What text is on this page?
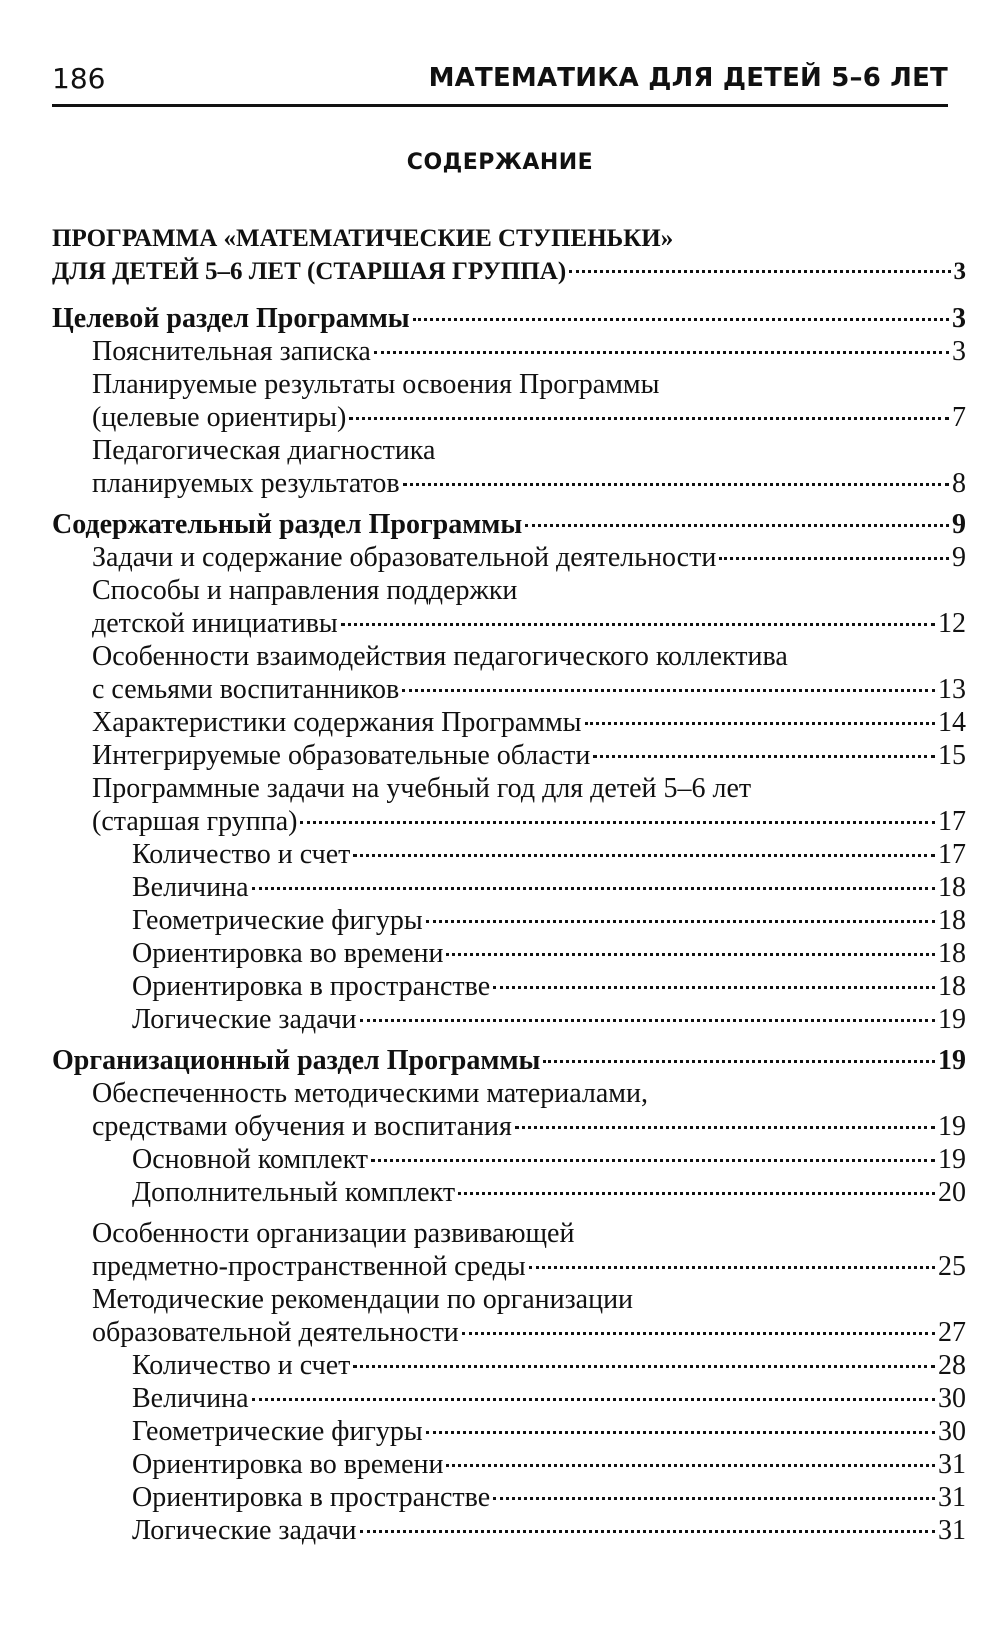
186	МАТЕМАТИКА ДЛЯ ДЕТЕЙ 5–6 ЛЕТ
СОДЕРЖАНИЕ
ПРОГРАММА «МАТЕМАТИЧЕСКИЕ СТУПЕНЬКИ»
ДЛЯ ДЕТЕЙ 5–6 ЛЕТ (СТАРШАЯ ГРУППА)	3
Целевой раздел Программы	3
Пояснительная записка	3
Планируемые результаты освоения Программы
(целевые ориентиры)	7
Педагогическая диагностика
планируемых результатов	8
Содержательный раздел Программы	9
Задачи и содержание образовательной деятельности	9
Способы и направления поддержки
детской инициативы	12
Особенности взаимодействия педагогического коллектива
с семьями воспитанников	13
Характеристики содержания Программы	14
Интегрируемые образовательные области	15
Программные задачи на учебный год для детей 5–6 лет
(старшая группа)	17
Количество и счет	17
Величина	18
Геометрические фигуры	18
Ориентировка во времени	18
Ориентировка в пространстве	18
Логические задачи	19
Организационный раздел Программы	19
Обеспеченность методическими материалами,
средствами обучения и воспитания	19
Основной комплект	19
Дополнительный комплект	20
Особенности организации развивающей
предметно-пространственной среды	25
Методические рекомендации по организации
образовательной деятельности	27
Количество и счет	28
Величина	30
Геометрические фигуры	30
Ориентировка во времени	31
Ориентировка в пространстве	31
Логические задачи	31
